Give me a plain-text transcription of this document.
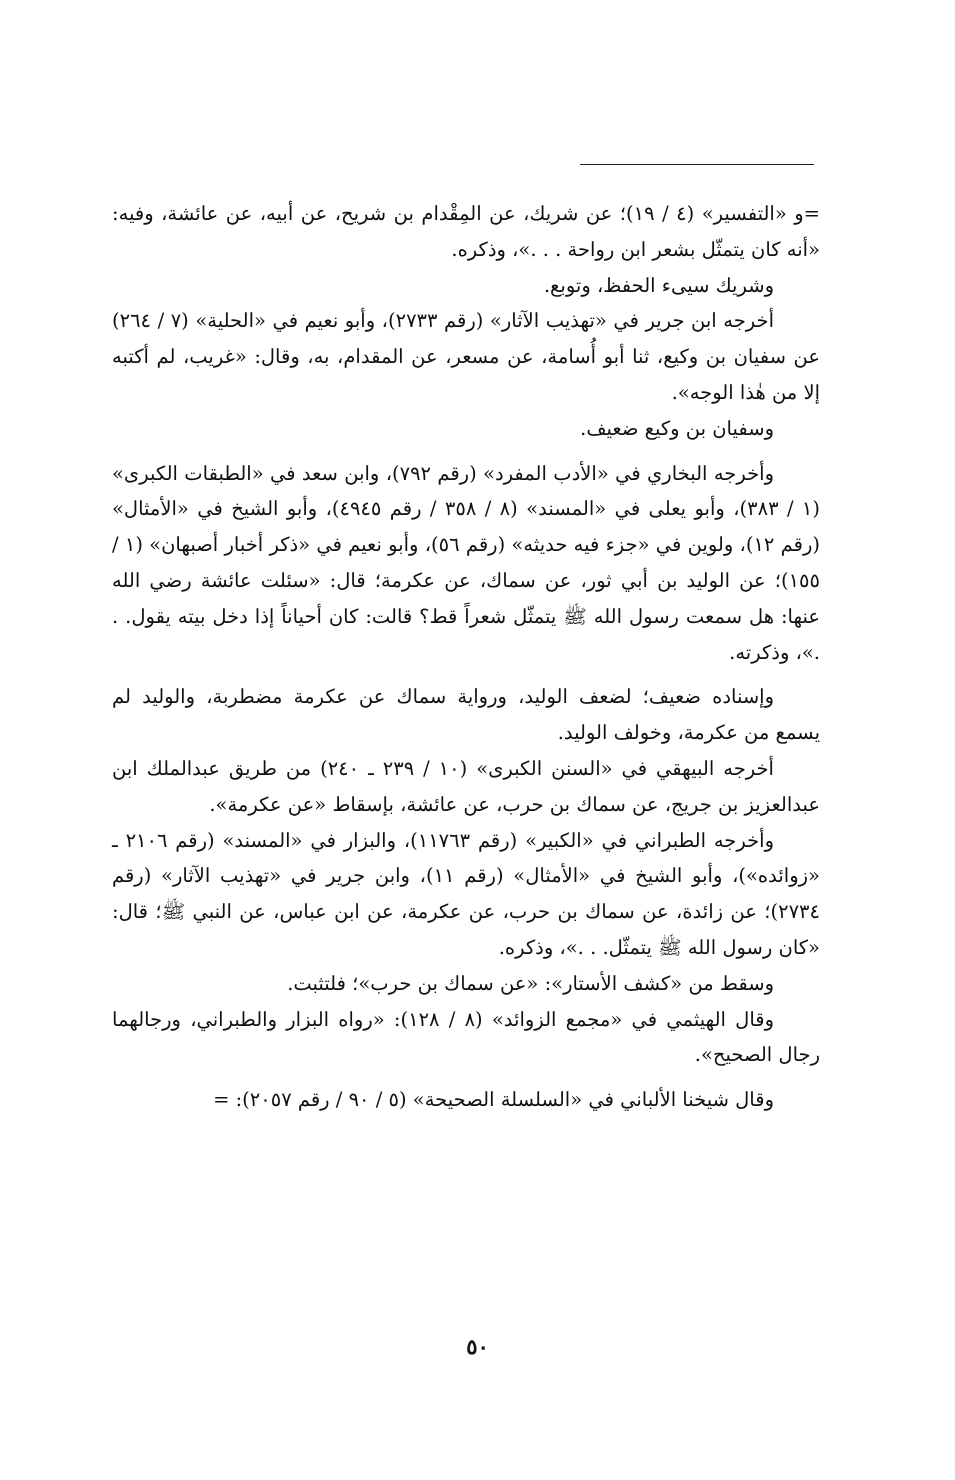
=و «التفسير» (٤ / ١٩)؛ عن شريك، عن المِقْدام بن شريح، عن أبيه، عن عائشة، وفيه: «أنه كان يتمثّل بشعر ابن رواحة . . .»، وذكره.

وشريك سيىء الحفظ، وتوبع.

أخرجه ابن جرير في «تهذيب الآثار» (رقم ٢٧٣٣)، وأبو نعيم في «الحلية» (٧ / ٢٦٤) عن سفيان بن وكيع، ثنا أبو أُسامة، عن مسعر، عن المقدام، به، وقال: «غريب، لم أكتبه إلا من هٰذا الوجه».

وسفيان بن وكيع ضعيف.

وأخرجه البخاري في «الأدب المفرد» (رقم ٧٩٢)، وابن سعد في «الطبقات الكبرى» (١ / ٣٨٣)، وأبو يعلى في «المسند» (٨ / ٣٥٨ / رقم ٤٩٤٥)، وأبو الشيخ في «الأمثال» (رقم ١٢)، ولوين في «جزء فيه حديثه» (رقم ٥٦)، وأبو نعيم في «ذكر أخبار أصبهان» (١ / ١٥٥)؛ عن الوليد بن أبي ثور، عن سماك، عن عكرمة؛ قال: «سئلت عائشة رضي الله عنها: هل سمعت رسول الله ﷺ يتمثّل شعراً قط؟ قالت: كان أحياناً إذا دخل بيته يقول. . .»، وذكرته.

وإسناده ضعيف؛ لضعف الوليد، ورواية سماك عن عكرمة مضطربة، والوليد لم يسمع من عكرمة، وخولف الوليد.

أخرجه البيهقي في «السنن الكبرى» (١٠ / ٢٣٩ ـ ٢٤٠) من طريق عبدالملك ابن عبدالعزيز بن جريج، عن سماك بن حرب، عن عائشة، بإسقاط «عن عكرمة».

وأخرجه الطبراني في «الكبير» (رقم ١١٧٦٣)، والبزار في «المسند» (رقم ٢١٠٦ ـ «زوائده»)، وأبو الشيخ في «الأمثال» (رقم ١١)، وابن جرير في «تهذيب الآثار» (رقم ٢٧٣٤)؛ عن زائدة، عن سماك بن حرب، عن عكرمة، عن ابن عباس، عن النبي ﷺ؛ قال: «كان رسول الله ﷺ يتمثّل. . .»، وذكره.

وسقط من «كشف الأستار»: «عن سماك بن حرب»؛ فلتثبت.

وقال الهيثمي في «مجمع الزوائد» (٨ / ١٢٨): «رواه البزار والطبراني، ورجالهما رجال الصحيح».

وقال شيخنا الألباني في «السلسلة الصحيحة» (٥ / ٩٠ / رقم ٢٠٥٧): =

٥٠
